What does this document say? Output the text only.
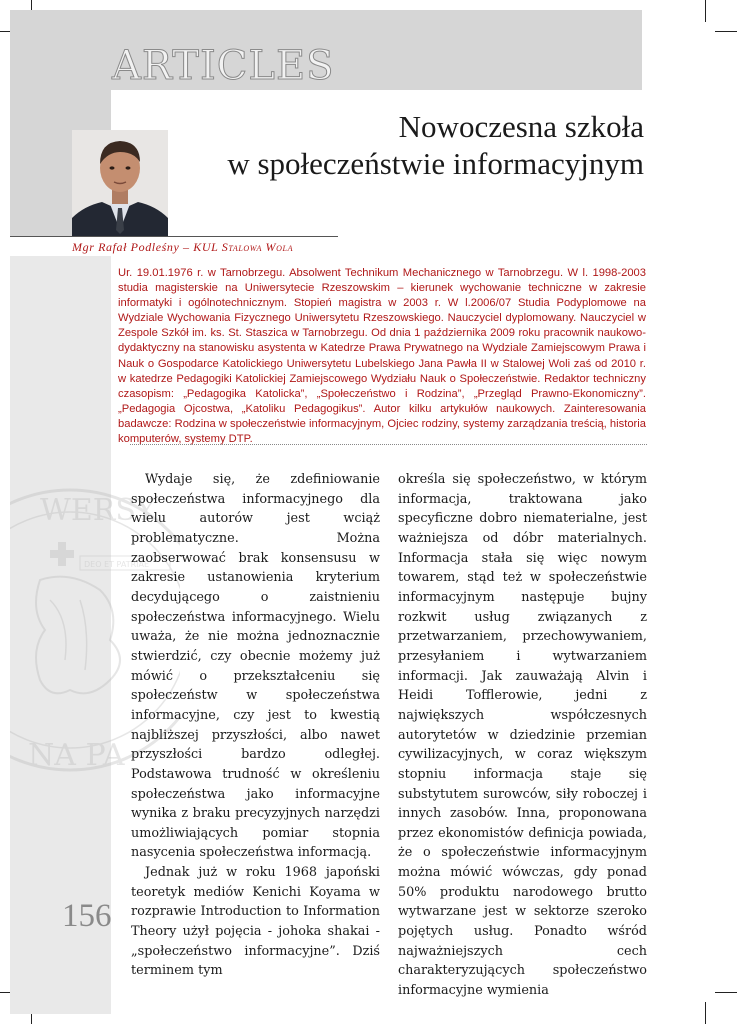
ARTICLES
Nowoczesna szkoła
w społeczeństwie informacyjnym
Mgr Rafał Podleśny – KUL Stalowa Wola
Ur. 19.01.1976 r. w Tarnobrzegu. Absolwent Technikum Mechanicznego w Tarnobrzegu. W l. 1998-2003 studia magisterskie na Uniwersytecie Rzeszowskim – kierunek wychowanie techniczne w zakresie informatyki i ogólnotechnicznym. Stopień magistra w 2003 r. W l.2006/07 Studia Podyplomowe na Wydziale Wychowania Fizycznego Uniwersytetu Rzeszowskiego. Nauczyciel dyplomowany. Nauczyciel w Zespole Szkół im. ks. St. Staszica w Tarnobrzegu. Od dnia 1 października 2009 roku pracownik naukowo-dydaktyczny na stanowisku asystenta w Katedrze Prawa Prywatnego na Wydziale Zamiejscowym Prawa i Nauk o Gospodarce Katolickiego Uniwersytetu Lubelskiego Jana Pawła II w Stalowej Woli zaś od 2010 r. w katedrze Pedagogiki Katolickiej Zamiejscowego Wydziału Nauk o Społeczeństwie. Redaktor techniczny czasopism: „Pedagogika Katolicka”, „Społeczeństwo i Rodzina”, „Przegląd Prawno-Ekonomiczny”. „Pedagogia Ojcostwa, „Katoliku Pedagogikus”. Autor kilku artykułów naukowych. Zainteresowania badawcze: Rodzina w społeczeństwie informacyjnym, Ojciec rodziny, systemy zarządzania treścią, historia komputerów, systemy DTP.
WERSY
DEO ET PATRIAE
NA PA

Wydaje się, że zdefiniowanie społeczeństwa informacyjnego dla wielu autorów jest wciąż problematyczne. Można zaobserwować brak konsensusu w zakresie ustanowienia kryterium decydującego o zaistnieniu społeczeństwa informacyjnego. Wielu uważa, że nie można jednoznacznie stwierdzić, czy obecnie możemy już mówić o przekształceniu się społeczeństw w społeczeństwa informacyjne, czy jest to kwestią najbliższej przyszłości, albo nawet przyszłości bardzo odległej. Podstawowa trudność w określeniu społeczeństwa jako informacyjne wynika z braku precyzyjnych narzędzi umożliwiających pomiar stopnia nasycenia społeczeństwa informacją.

Jednak już w roku 1968 japoński teoretyk mediów Kenichi Koyama w rozprawie Introduction to Information Theory użył pojęcia - johoka shakai - „społeczeństwo informacyjne”. Dziś terminem tym

określa się społeczeństwo, w którym informacja, traktowana jako specyficzne dobro niematerialne, jest ważniejsza od dóbr materialnych. Informacja stała się więc nowym towarem, stąd też w społeczeństwie informacyjnym następuje bujny rozkwit usług związanych z przetwarzaniem, przechowywaniem, przesyłaniem i wytwarzaniem informacji. Jak zauważają Alvin i Heidi Tofflerowie, jedni z największych współczesnych autorytetów w dziedzinie przemian cywilizacyjnych, w coraz większym stopniu informacja staje się substytutem surowców, siły roboczej i innych zasobów. Inna, proponowana przez ekonomistów definicja powiada, że o społeczeństwie informacyjnym można mówić wówczas, gdy ponad 50% produktu narodowego brutto wytwarzane jest w sektorze szeroko pojętych usług. Ponadto wśród najważniejszych cech charakteryzujących społeczeństwo informacyjne wymienia

156
